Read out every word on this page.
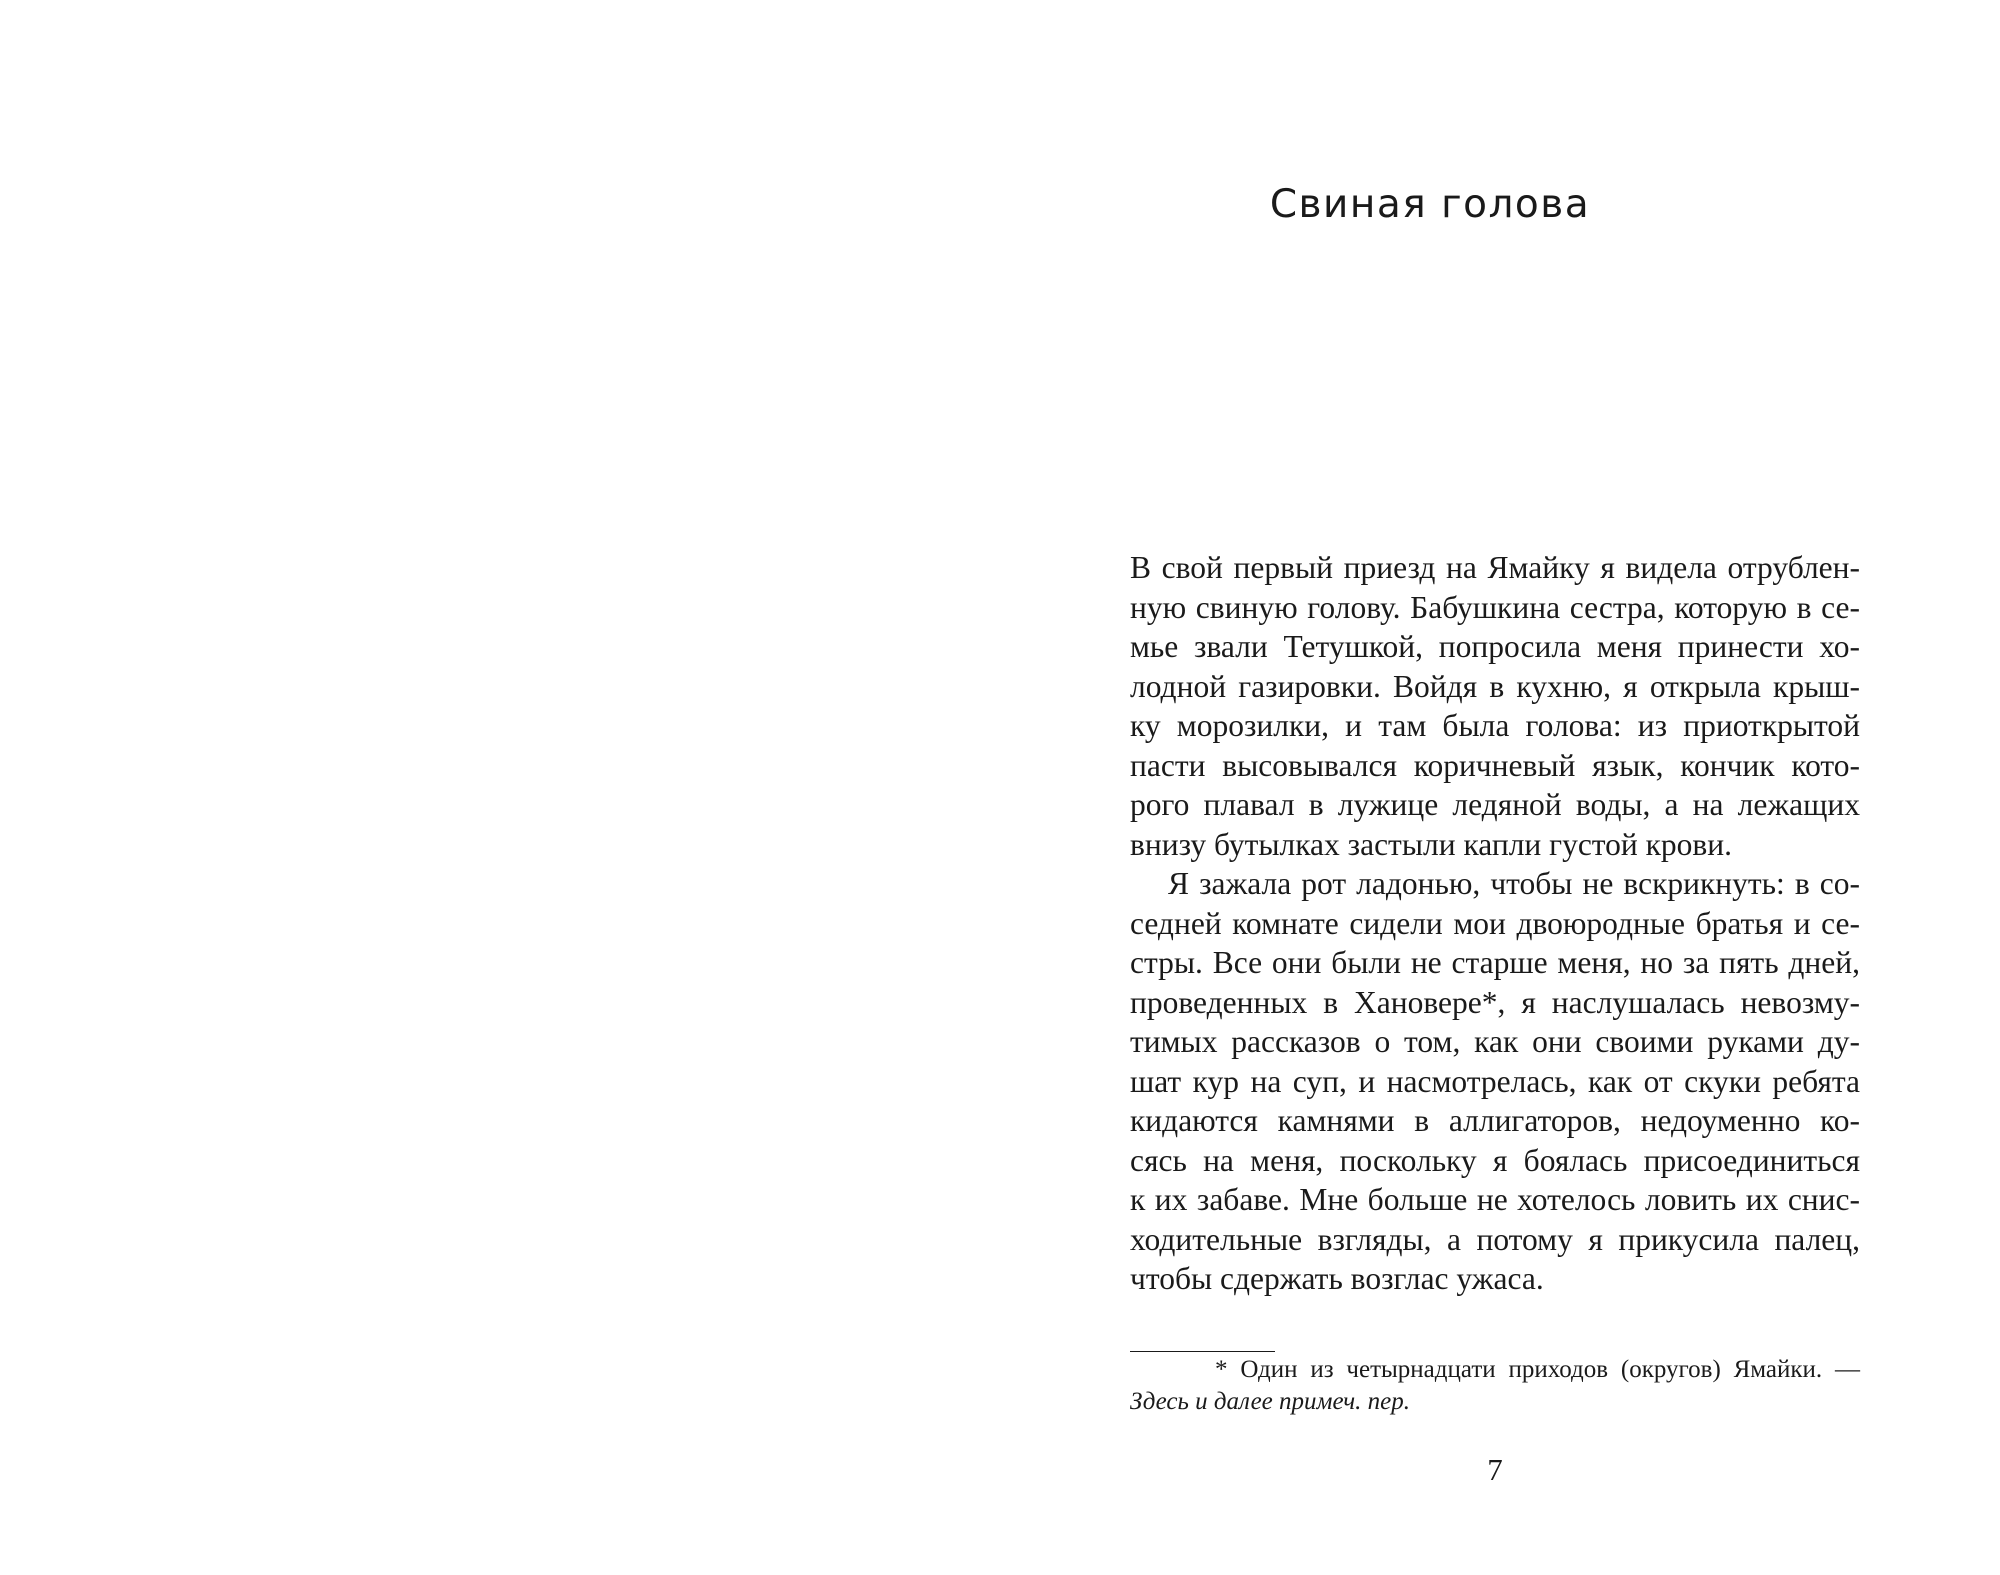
Свиная голова
В свой первый приезд на Ямайку я видела отрублен-
ную свиную голову. Бабушкина сестра, которую в се-
мье звали Тетушкой, попросила меня принести хо-
лодной газировки. Войдя в кухню, я открыла крыш-
ку морозилки, и там была голова: из приоткрытой
пасти высовывался коричневый язык, кончик кото-
рого плавал в лужице ледяной воды, а на лежащих
внизу бутылках застыли капли густой крови.
Я зажала рот ладонью, чтобы не вскрикнуть: в со-
седней комнате сидели мои двоюродные братья и се-
стры. Все они были не старше меня, но за пять дней,
проведенных в Хановере*, я наслушалась невозму-
тимых рассказов о том, как они своими руками ду-
шат кур на суп, и насмотрелась, как от скуки ребята
кидаются камнями в аллигаторов, недоуменно ко-
сясь на меня, поскольку я боялась присоединиться
к их забаве. Мне больше не хотелось ловить их снис-
ходительные взгляды, а потому я прикусила палец,
чтобы сдержать возглас ужаса.
* Один из четырнадцати приходов (округов) Ямайки. —
Здесь и далее примеч. пер.
7
